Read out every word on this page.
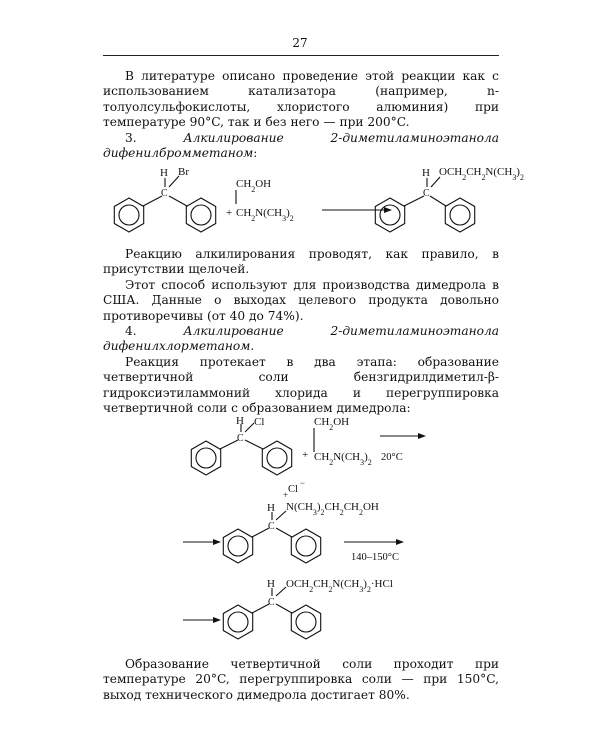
27

В литературе описано проведение этой реакции как с использованием катализатора (например, n-толуолсульфокислоты, хлористого алюминия) при температуре 90°C, так и без него — при 200°C.

3.	Алкилирование 2-диметиламиноэтанола дифенилбромметаном:

H
C
Br
+
$CH_2OH$
$CH_2N(CH_3)_2$
H
C
$OCH_2CH_2N(CH_3)_2$

Реакцию алкилирования проводят, как правило, в присутствии щелочей.

Этот способ используют для производства димедрола в США. Данные о выходах целевого продукта довольно противоречивы (от 40 до 74%).

4.	Алкилирование 2-диметиламиноэтанола дифенилхлорметаном.

Реакция протекает в два этапа: образование четвертичной соли бензгидрилдиметил-β-гидроксиэтиламмоний хлорида и перегруппировка четвертичной соли с образованием димедрола:

H
C
Cl
+
$CH_2OH$
$CH_2N(CH_3)_2$ 20°C
H
C
+ Cl
−
$N(CH_3)_2CH_2CH_2OH$
140–150°C
H
C
$OCH_2CH_2N(CH_3)_2\cdot HCl$

Образование четвертичной соли проходит при температуре 20°C, перегруппировка соли — при 150°C, выход технического димедрола достигает 80%.
